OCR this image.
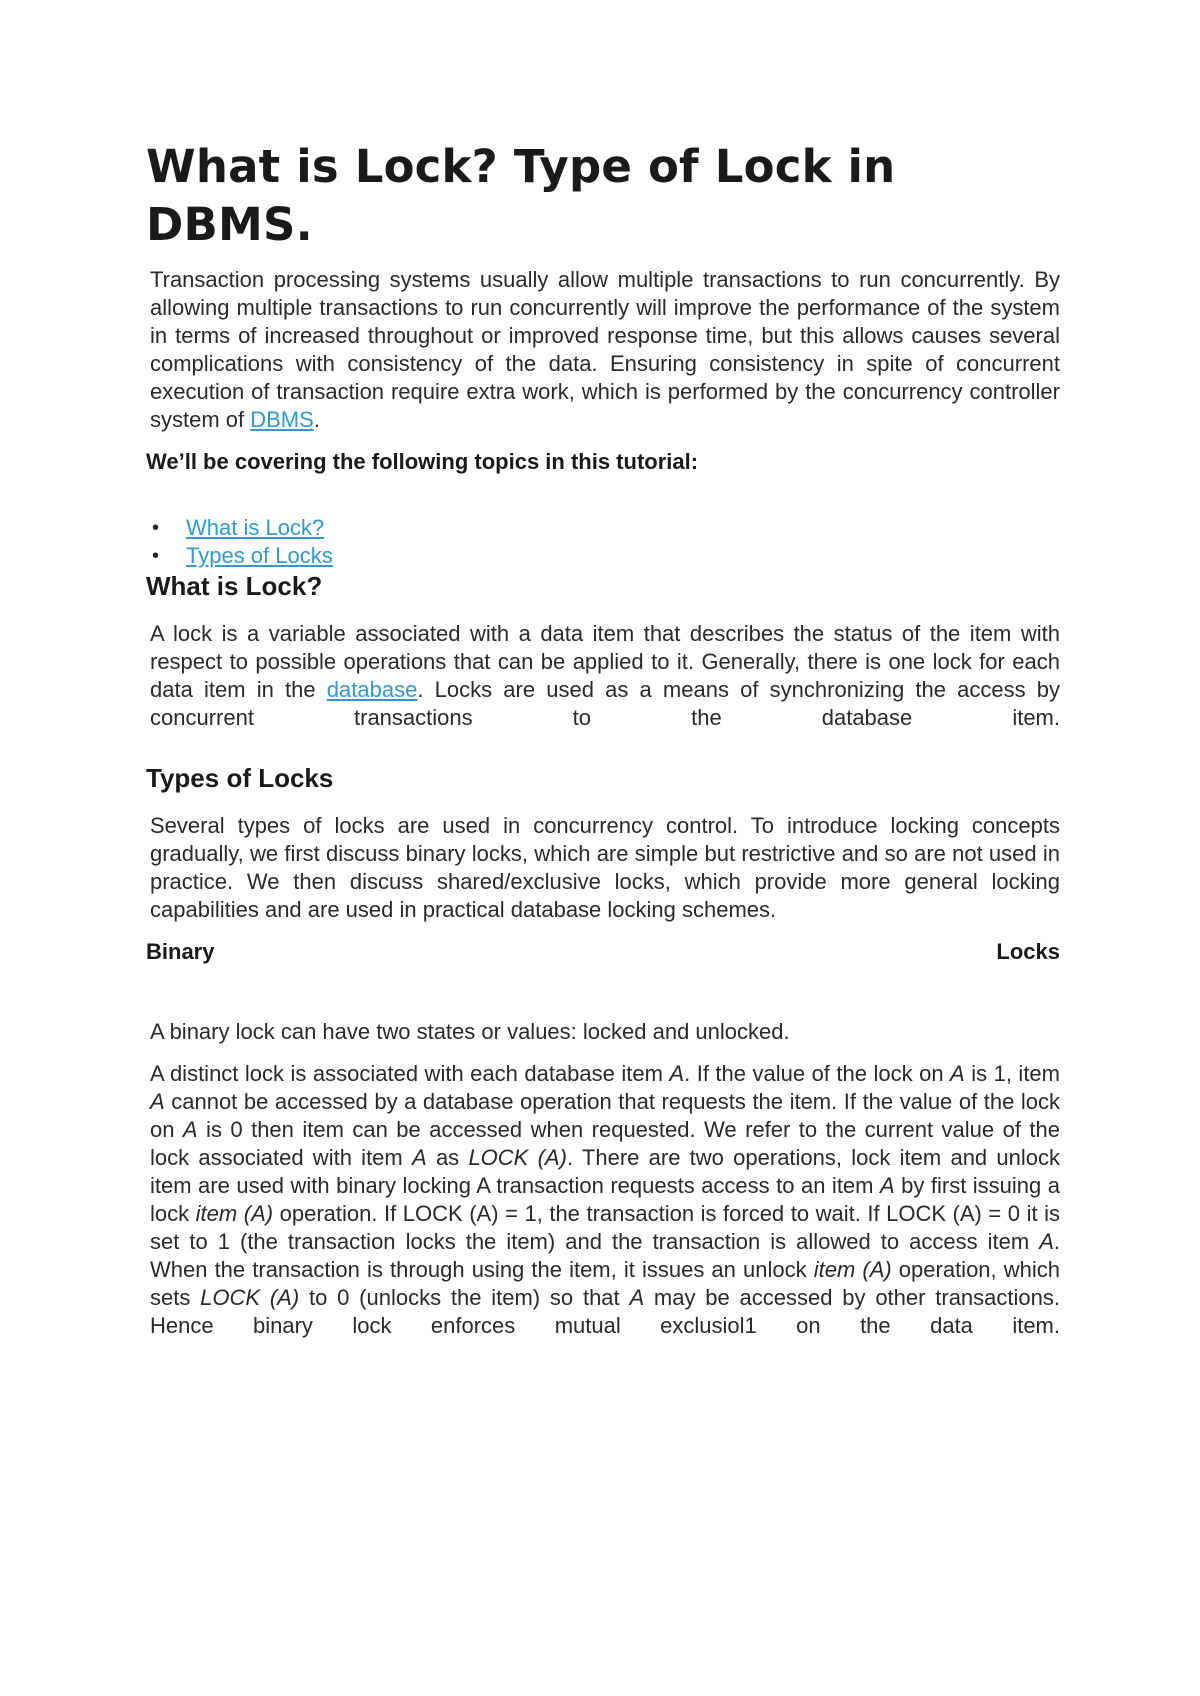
What is Lock? Type of Lock in DBMS.

Transaction processing systems usually allow multiple transactions to run concurrently. By allowing multiple transactions to run concurrently will improve the performance of the system in terms of increased throughout or improved response time, but this allows causes several complications with consistency of the data. Ensuring consistency in spite of concurrent execution of transaction require extra work, which is performed by the concurrency controller system of DBMS.

We’ll be covering the following topics in this tutorial:

• What is Lock?
• Types of Locks
What is Lock?

A lock is a variable associated with a data item that describes the status of the item with respect to possible operations that can be applied to it. Generally, there is one lock for each data item in the database. Locks are used as a means of synchronizing the access by concurrent transactions to the database item.

Types of Locks

Several types of locks are used in concurrency control. To introduce locking concepts gradually, we first discuss binary locks, which are simple but restrictive and so are not used in practice. We then discuss shared/exclusive locks, which provide more general locking capabilities and are used in practical database locking schemes.

Binary	Locks

A binary lock can have two states or values: locked and unlocked.

A distinct lock is associated with each database item A. If the value of the lock on A is 1, item A cannot be accessed by a database operation that requests the item. If the value of the lock on A is 0 then item can be accessed when requested. We refer to the current value of the lock associated with item A as LOCK (A). There are two operations, lock item and unlock item are used with binary locking A transaction requests access to an item A by first issuing a lock item (A) operation. If LOCK (A) = 1, the transaction is forced to wait. If LOCK (A) = 0 it is set to 1 (the transaction locks the item) and the transaction is allowed to access item A. When the transaction is through using the item, it issues an unlock item (A) operation, which sets LOCK (A) to 0 (unlocks the item) so that A may be accessed by other transactions. Hence binary lock enforces mutual exclusiol1 on the data item.
